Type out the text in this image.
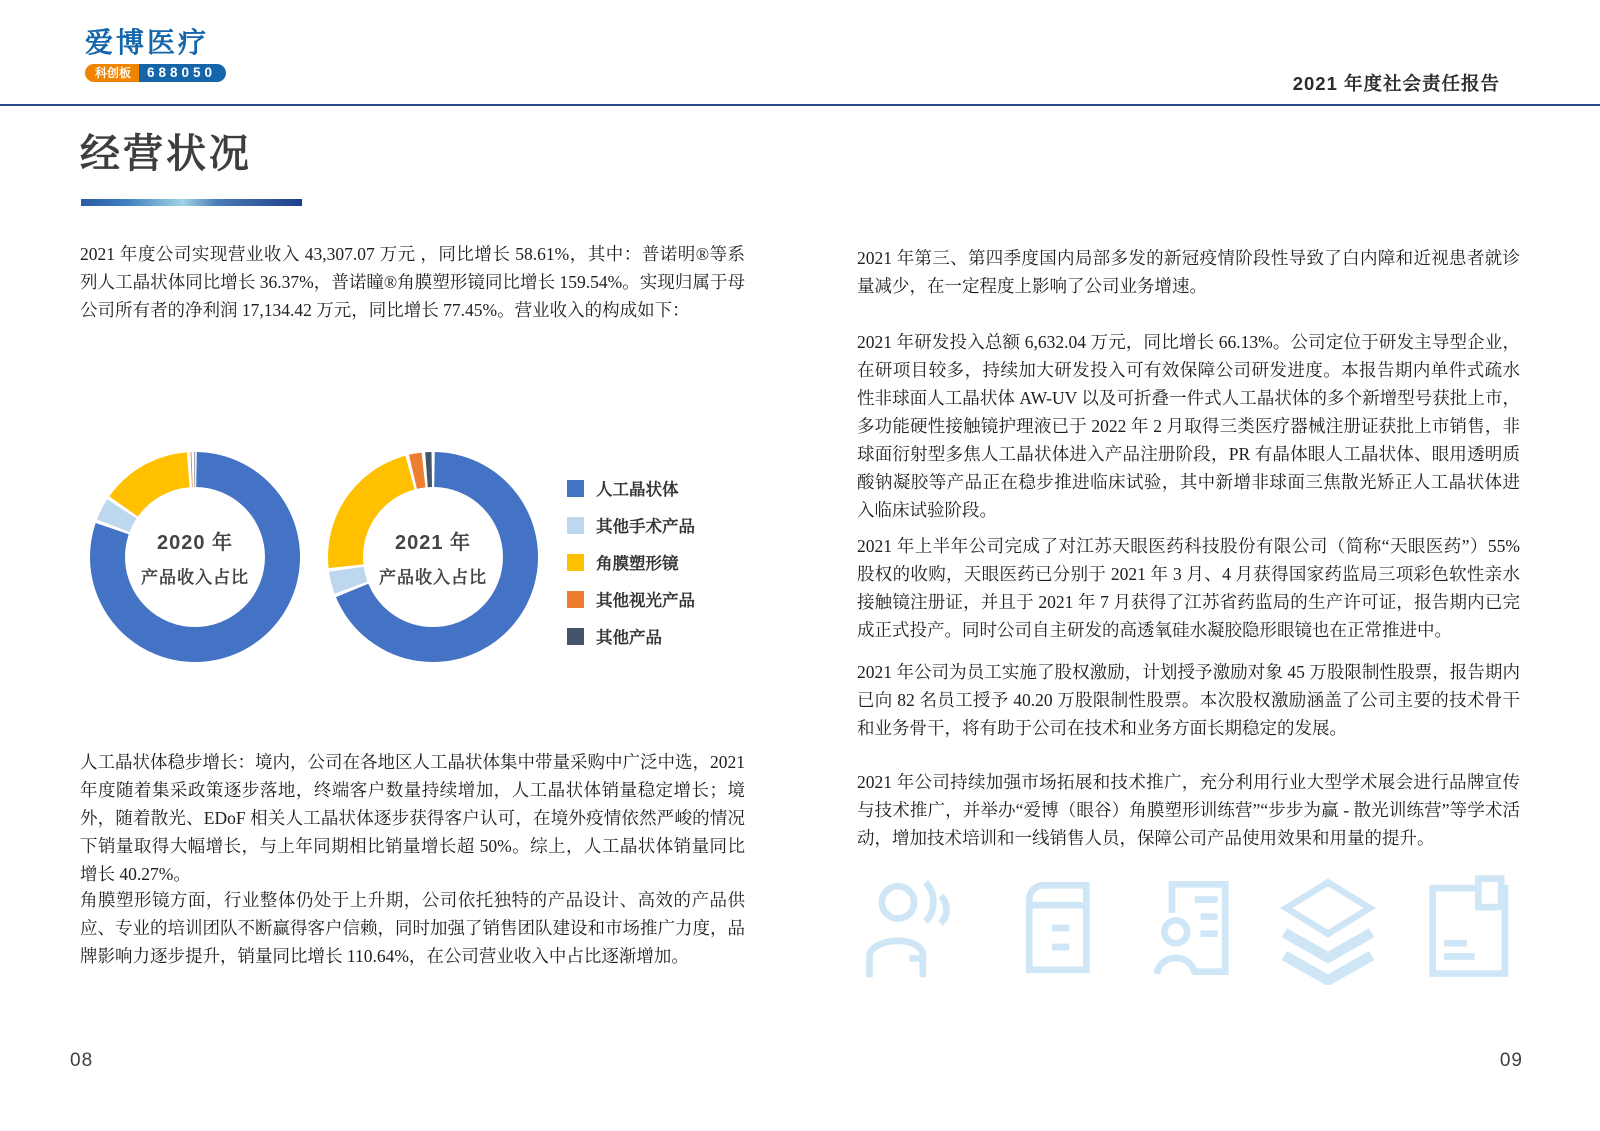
爱博医疗
科创板	688050
2021 年度社会责任报告
经营状况

2021 年度公司实现营业收入 43,307.07 万元 ，同比增长 58.61%，其中：普诺明®等系列人工晶状体同比增长 36.37%，普诺瞳®角膜塑形镜同比增长 159.54%。实现归属于母公司所有者的净利润 17,134.42 万元，同比增长 77.45%。营业收入的构成如下：

2020 年
产品收入占比
2021 年
产品收入占比
人工晶状体
其他手术产品
角膜塑形镜
其他视光产品
其他产品

人工晶状体稳步增长：境内，公司在各地区人工晶状体集中带量采购中广泛中选，2021 年度随着集采政策逐步落地，终端客户数量持续增加，人工晶状体销量稳定增长；境外，随着散光、EDoF 相关人工晶状体逐步获得客户认可，在境外疫情依然严峻的情况下销量取得大幅增长，与上年同期相比销量增长超 50%。综上，人工晶状体销量同比增长 40.27%。

角膜塑形镜方面，行业整体仍处于上升期，公司依托独特的产品设计、高效的产品供应、专业的培训团队不断赢得客户信赖，同时加强了销售团队建设和市场推广力度，品牌影响力逐步提升，销量同比增长 110.64%，在公司营业收入中占比逐渐增加。

2021 年第三、第四季度国内局部多发的新冠疫情阶段性导致了白内障和近视患者就诊量减少，在一定程度上影响了公司业务增速。

2021 年研发投入总额 6,632.04 万元，同比增长 66.13%。公司定位于研发主导型企业，在研项目较多，持续加大研发投入可有效保障公司研发进度。本报告期内单件式疏水性非球面人工晶状体 AW-UV 以及可折叠一件式人工晶状体的多个新增型号获批上市，多功能硬性接触镜护理液已于 2022 年 2 月取得三类医疗器械注册证获批上市销售，非球面衍射型多焦人工晶状体进入产品注册阶段，PR 有晶体眼人工晶状体、眼用透明质酸钠凝胶等产品正在稳步推进临床试验，其中新增非球面三焦散光矫正人工晶状体进入临床试验阶段。

2021 年上半年公司完成了对江苏天眼医药科技股份有限公司（简称“天眼医药”）55% 股权的收购，天眼医药已分别于 2021 年 3 月、4 月获得国家药监局三项彩色软性亲水接触镜注册证，并且于 2021 年 7 月获得了江苏省药监局的生产许可证，报告期内已完成正式投产。同时公司自主研发的高透氧硅水凝胶隐形眼镜也在正常推进中。

2021 年公司为员工实施了股权激励，计划授予激励对象 45 万股限制性股票，报告期内已向 82 名员工授予 40.20 万股限制性股票。本次股权激励涵盖了公司主要的技术骨干和业务骨干，将有助于公司在技术和业务方面长期稳定的发展。

2021 年公司持续加强市场拓展和技术推广，充分利用行业大型学术展会进行品牌宣传与技术推广，并举办“爱博（眼谷）角膜塑形训练营”“步步为赢 - 散光训练营”等学术活动，增加技术培训和一线销售人员，保障公司产品使用效果和用量的提升。

08	09
